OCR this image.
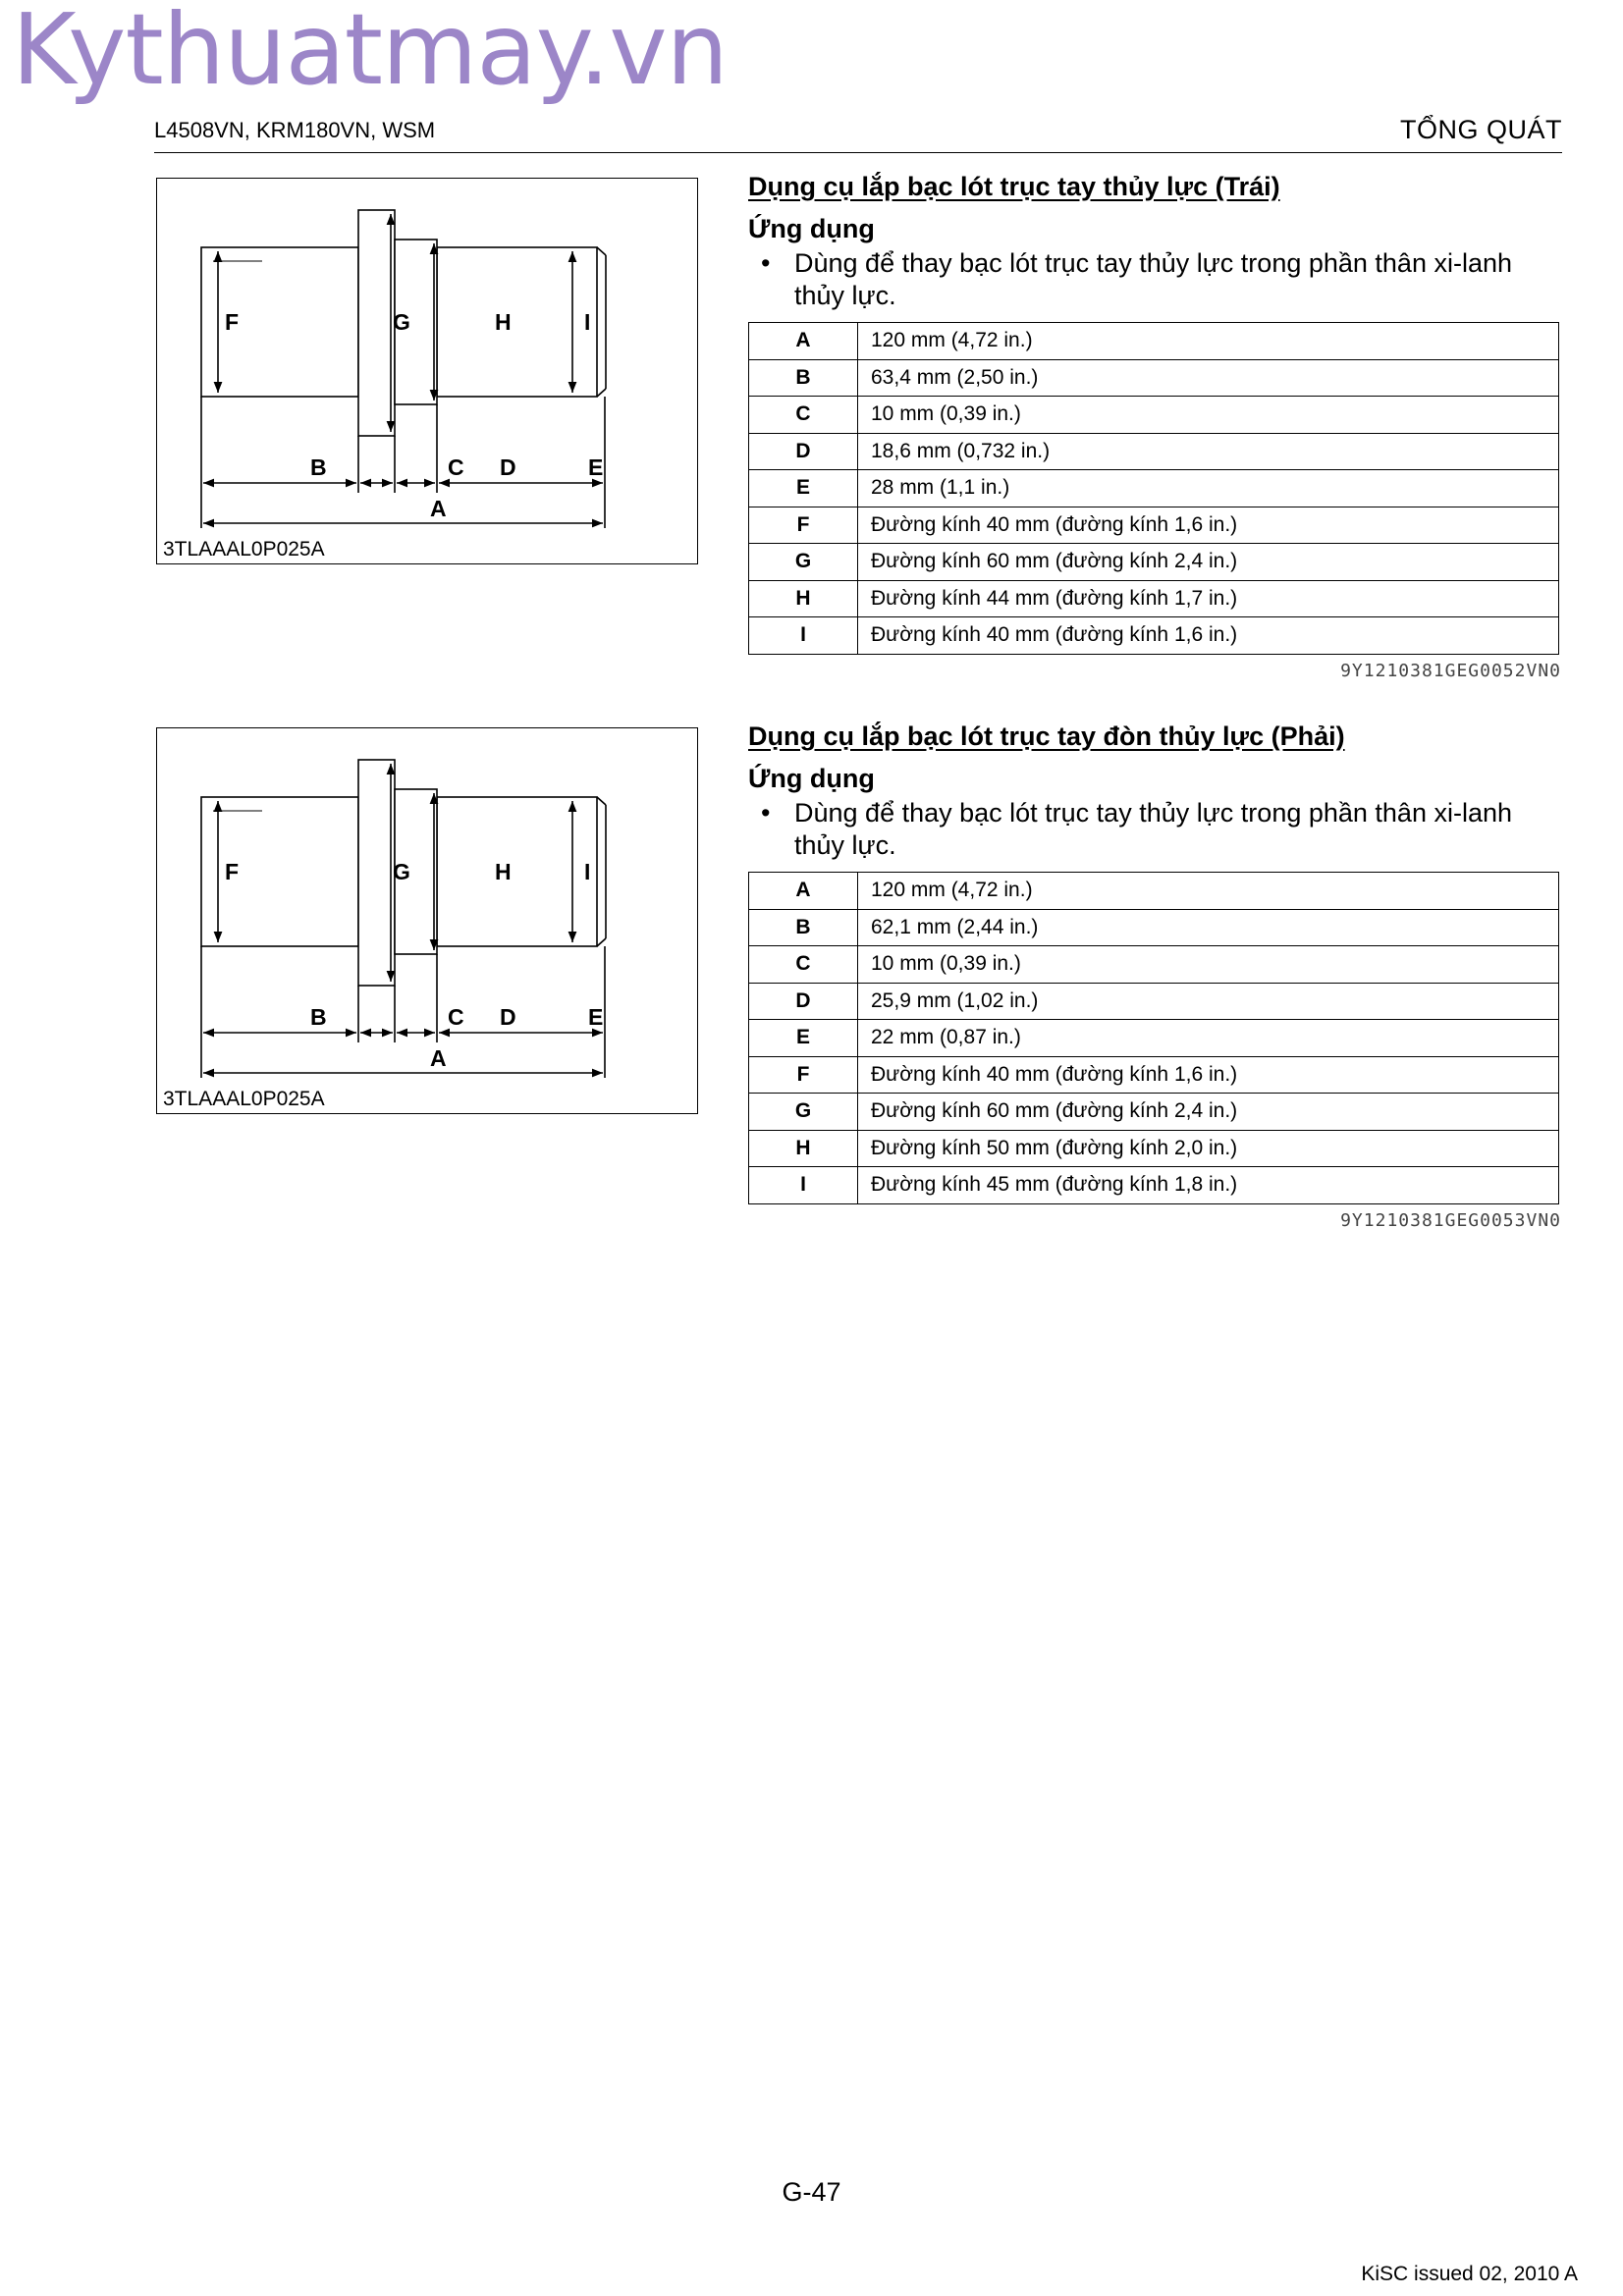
Kythuatmay.vn
L4508VN, KRM180VN, WSM	TỔNG QUÁT
F	G	H	I
B	C D	E
A
3TLAAAL0P025A
Dụng cụ lắp bạc lót trục tay thủy lực (Trái)
Ứng dụng
• Dùng để thay bạc lót trục tay thủy lực trong phần thân xi-lanh thủy lực.
A	120 mm (4,72 in.)
B	63,4 mm (2,50 in.)
C	10 mm (0,39 in.)
D	18,6 mm (0,732 in.)
E	28 mm (1,1 in.)
F	Đường kính 40 mm (đường kính 1,6 in.)
G	Đường kính 60 mm (đường kính 2,4 in.)
H	Đường kính 44 mm (đường kính 1,7 in.)
I	Đường kính 40 mm (đường kính 1,6 in.)
9Y1210381GEG0052VN0
F	G	H	I
B	C D	E
A
3TLAAAL0P025A
Dụng cụ lắp bạc lót trục tay đòn thủy lực (Phải)
Ứng dụng
• Dùng để thay bạc lót trục tay thủy lực trong phần thân xi-lanh thủy lực.
A	120 mm (4,72 in.)
B	62,1 mm (2,44 in.)
C	10 mm (0,39 in.)
D	25,9 mm (1,02 in.)
E	22 mm (0,87 in.)
F	Đường kính 40 mm (đường kính 1,6 in.)
G	Đường kính 60 mm (đường kính 2,4 in.)
H	Đường kính 50 mm (đường kính 2,0 in.)
I	Đường kính 45 mm (đường kính 1,8 in.)
9Y1210381GEG0053VN0
G-47
KiSC issued 02, 2010 A
